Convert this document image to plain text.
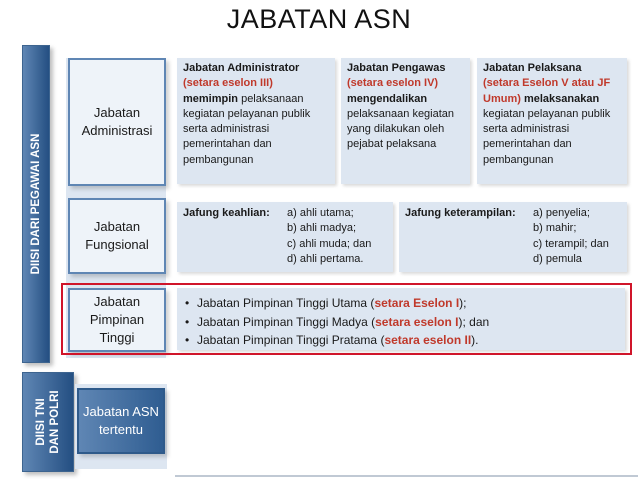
JABATAN ASN
DIISI DARI PEGAWAI ASN
DIISI TNI DAN POLRI
Jabatan
Administrasi
Jabatan Administrator
(setara eselon III)
memimpin pelaksanaan kegiatan pelayanan publik serta administrasi pemerintahan dan pembangunan
Jabatan Pengawas
(setara eselon IV)
mengendalikan pelaksanaan kegiatan yang dilakukan oleh pejabat pelaksana
Jabatan Pelaksana
(setara Eselon V atau JF Umum) melaksanakan kegiatan pelayanan publik serta administrasi pemerintahan dan pembangunan
Jabatan
Fungsional
Jafung keahlian:	a) ahli utama;
b) ahli madya;
c) ahli muda; dan
d) ahli pertama.
Jafung keterampilan:	a) penyelia;
b) mahir;
c) terampil; dan
d) pemula
Jabatan
Pimpinan
Tinggi
• Jabatan Pimpinan Tinggi Utama (setara Eselon I);
• Jabatan Pimpinan Tinggi Madya (setara eselon I); dan
• Jabatan Pimpinan Tinggi Pratama (setara eselon II).
Jabatan ASN
tertentu
